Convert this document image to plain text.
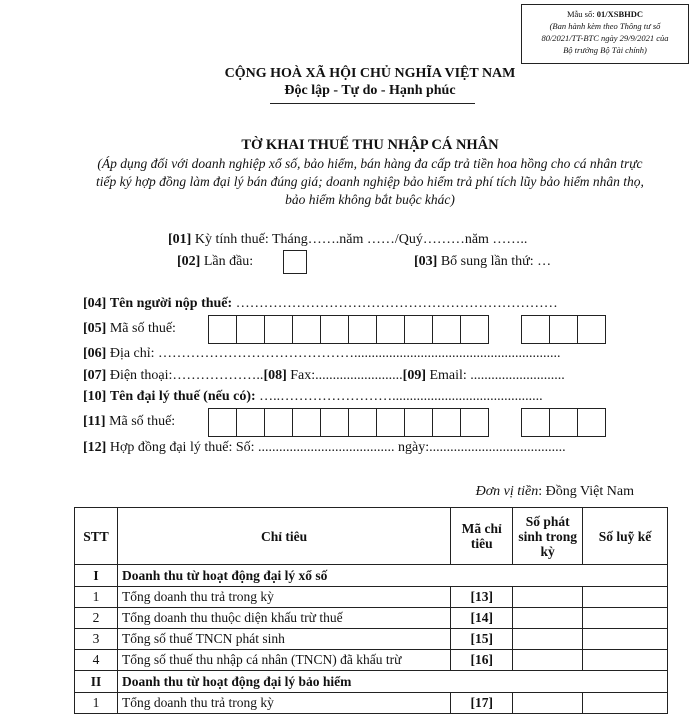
Mẫu số: 01/XSBHDC
(Ban hành kèm theo Thông tư số
80/2021/TT-BTC ngày 29/9/2021 của
Bộ trưởng Bộ Tài chính)
CỘNG HOÀ XÃ HỘI CHỦ NGHĨA VIỆT NAM
Độc lập - Tự do - Hạnh phúc
TỜ KHAI THUẾ THU NHẬP CÁ NHÂN
(Áp dụng đối với doanh nghiệp xổ số, bảo hiểm, bán hàng đa cấp trả tiền hoa hồng cho cá nhân trực tiếp ký hợp đồng làm đại lý bán đúng giá; doanh nghiệp bảo hiểm trả phí tích lũy bảo hiểm nhân thọ, bảo hiểm không bắt buộc khác)
[01] Kỳ tính thuế: Tháng…….năm ……/Quý………năm ……..
[02] Lần đầu:	[03] Bổ sung lần thứ: …
[04] Tên người nộp thuế: ……………………………………………………………
[05] Mã số thuế:
[06] Địa chỉ: ……………………………………...........................................................
[07] Điện thoại:………………..[08] Fax:.........................[09] Email: ...........................
[10] Tên đại lý thuế (nếu có): …..……………………...........................................
[11] Mã số thuế:
[12] Hợp đồng đại lý thuế: Số: ....................................... ngày:.......................................
Đơn vị tiền: Đồng Việt Nam
STT	Chỉ tiêu	Mã chỉ tiêu	Số phát sinh trong kỳ	Số luỹ kế
I	Doanh thu từ hoạt động đại lý xổ số			
1	Tổng doanh thu trả trong kỳ	[13]		
2	Tổng doanh thu thuộc diện khấu trừ thuế	[14]		
3	Tổng số thuế TNCN phát sinh	[15]		
4	Tổng số thuế thu nhập cá nhân (TNCN) đã khấu trừ	[16]		
II	Doanh thu từ hoạt động đại lý bảo hiểm			
1	Tổng doanh thu trả trong kỳ	[17]		
